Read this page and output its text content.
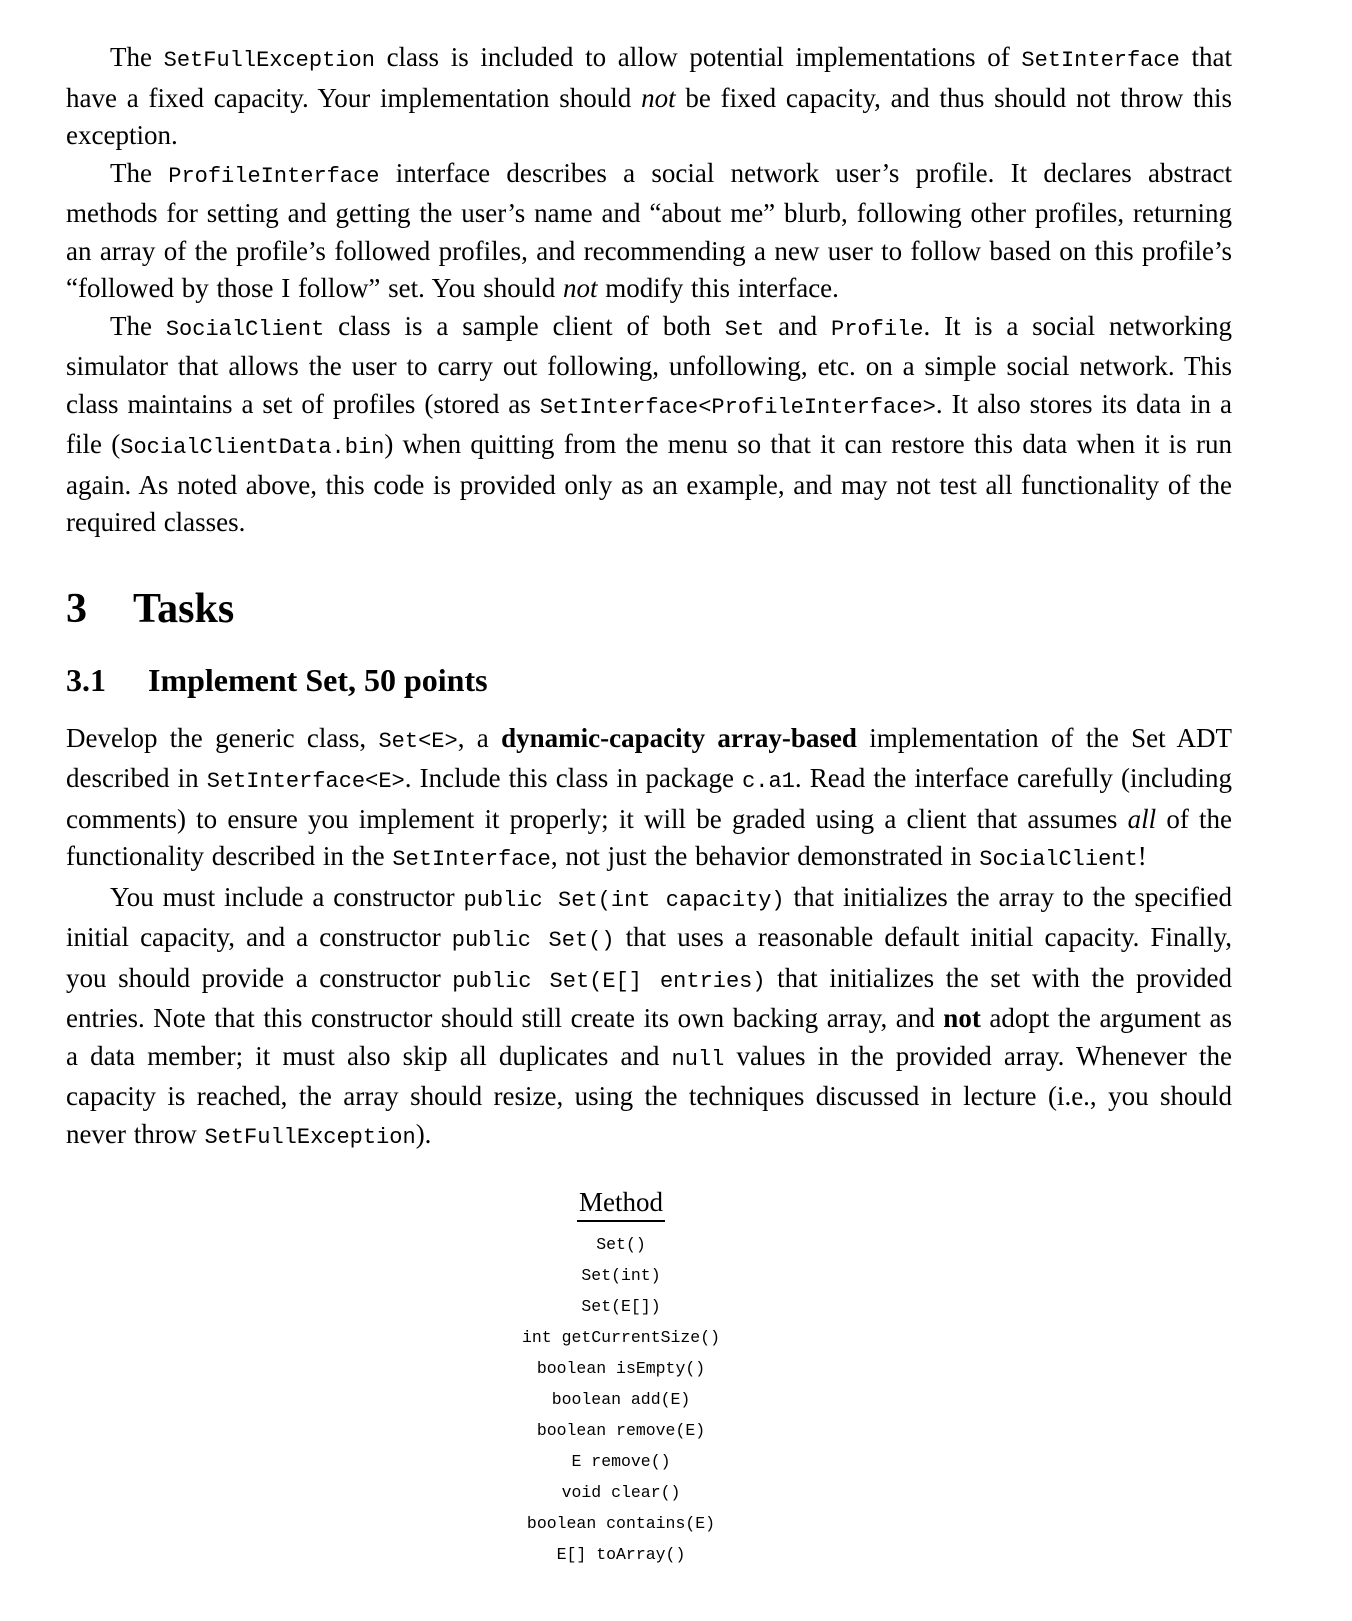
The SetFullException class is included to allow potential implementations of SetInterface that have a fixed capacity. Your implementation should not be fixed capacity, and thus should not throw this exception.

The ProfileInterface interface describes a social network user’s profile. It declares abstract methods for setting and getting the user’s name and “about me” blurb, following other profiles, returning an array of the profile’s followed profiles, and recommending a new user to follow based on this profile’s “followed by those I follow” set. You should not modify this interface.

The SocialClient class is a sample client of both Set and Profile. It is a social networking simulator that allows the user to carry out following, unfollowing, etc. on a simple social network. This class maintains a set of profiles (stored as SetInterface<ProfileInterface>. It also stores its data in a file (SocialClientData.bin) when quitting from the menu so that it can restore this data when it is run again. As noted above, this code is provided only as an example, and may not test all functionality of the required classes.

3 Tasks
3.1 Implement Set, 50 points

Develop the generic class, Set<E>, a dynamic-capacity array-based implementation of the Set ADT described in SetInterface<E>. Include this class in package c.a1. Read the interface carefully (including comments) to ensure you implement it properly; it will be graded using a client that assumes all of the functionality described in the SetInterface, not just the behavior demonstrated in SocialClient!

You must include a constructor public Set(int capacity) that initializes the array to the specified initial capacity, and a constructor public Set() that uses a reasonable default initial capacity. Finally, you should provide a constructor public Set(E[] entries) that initializes the set with the provided entries. Note that this constructor should still create its own backing array, and not adopt the argument as a data member; it must also skip all duplicates and null values in the provided array. Whenever the capacity is reached, the array should resize, using the techniques discussed in lecture (i.e., you should never throw SetFullException).

Method
Set()
Set(int)
Set(E[])
int getCurrentSize()
boolean isEmpty()
boolean add(E)
boolean remove(E)
E remove()
void clear()
boolean contains(E)
E[] toArray()
